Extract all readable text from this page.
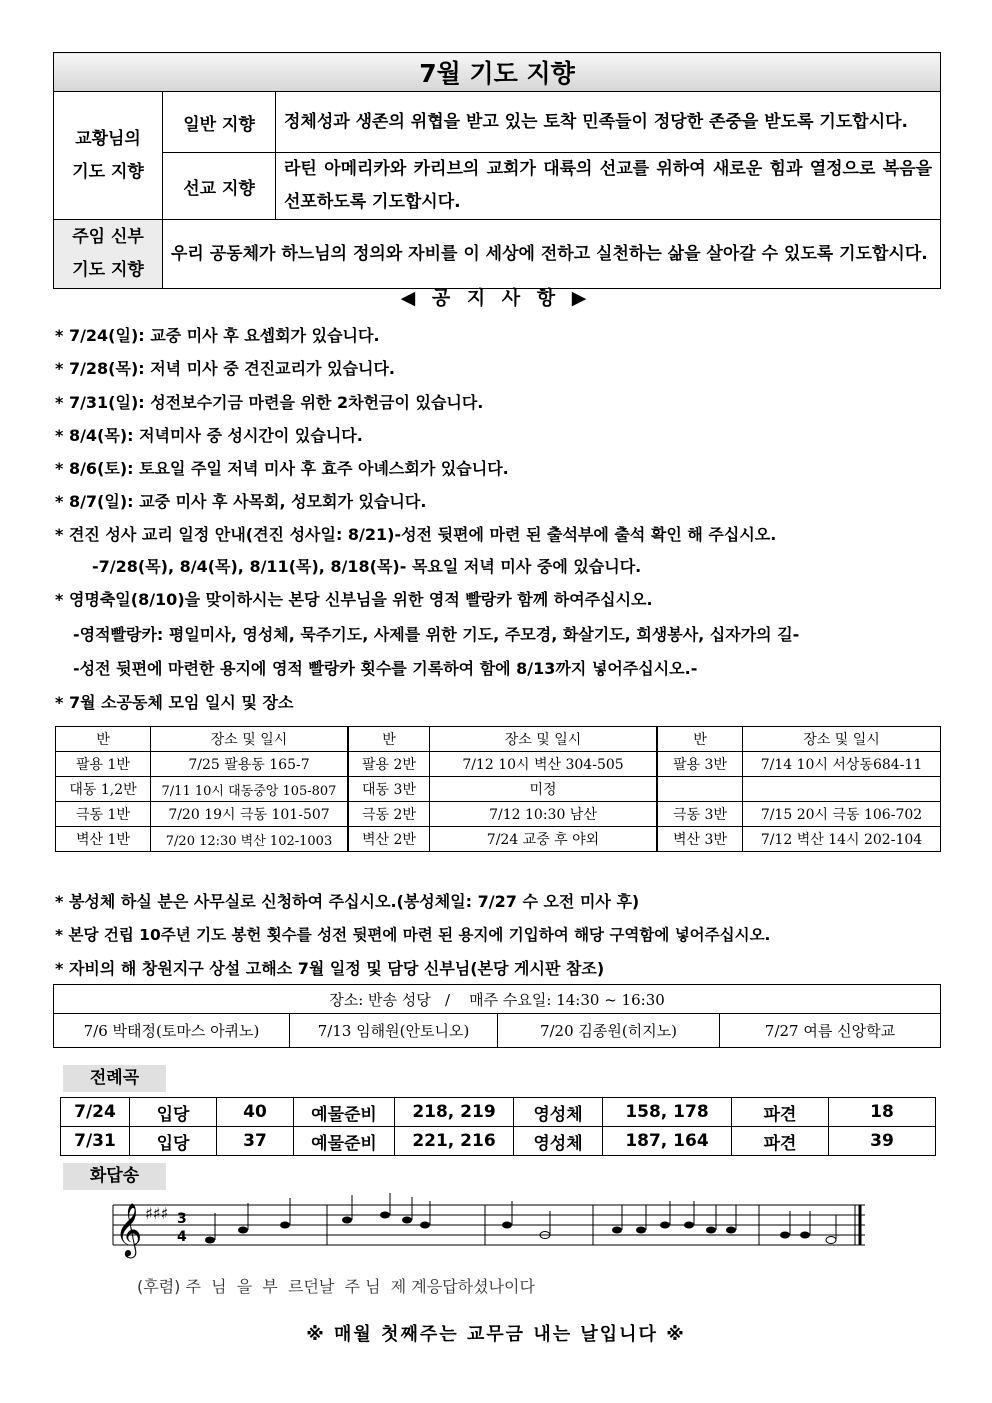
7월 기도 지향		
교황님의
기도 지향	일반 지향	정체성과 생존의 위협을 받고 있는 토착 민족들이 정당한 존중을 받도록 기도합시다.
	선교 지향	라틴 아메리카와 카리브의 교회가 대륙의 선교를 위하여 새로운 힘과 열정으로 복음을 선포하도록 기도합시다.
주임 신부
기도 지향	우리 공동체가 하느님의 정의와 자비를 이 세상에 전하고 실천하는 삶을 살아갈 수 있도록 기도합시다.	
◀ 공 지 사 항 ▶
* 7/24(일): 교중 미사 후 요셉회가 있습니다.
* 7/28(목): 저녁 미사 중 견진교리가 있습니다.
* 7/31(일): 성전보수기금 마련을 위한 2차헌금이 있습니다.
* 8/4(목): 저녁미사 중 성시간이 있습니다.
* 8/6(토): 토요일 주일 저녁 미사 후 효주 아녜스회가 있습니다.
* 8/7(일): 교중 미사 후 사목회, 성모회가 있습니다.
* 견진 성사 교리 일정 안내(견진 성사일: 8/21)-성전 뒷편에 마련 된 출석부에 출석 확인 해 주십시오.
-7/28(목), 8/4(목), 8/11(목), 8/18(목)- 목요일 저녁 미사 중에 있습니다.
* 영명축일(8/10)을 맞이하시는 본당 신부님을 위한 영적 빨랑카 함께 하여주십시오.
-영적빨랑카: 평일미사, 영성체, 묵주기도, 사제를 위한 기도, 주모경, 화살기도, 희생봉사, 십자가의 길-
-성전 뒷편에 마련한 용지에 영적 빨랑카 횟수를 기록하여 함에 8/13까지 넣어주십시오.-
* 7월 소공동체 모임 일시 및 장소
반	장소 및 일시	반	장소 및 일시	반	장소 및 일시
팔용 1반	7/25 팔용동 165-7	팔용 2반	7/12 10시 벽산 304-505	팔용 3반	7/14 10시 서상동684-11
대동 1,2반	7/11 10시 대동중앙 105-807	대동 3반	미정		
극동 1반	7/20 19시 극동 101-507	극동 2반	7/12 10:30 남산	극동 3반	7/15 20시 극동 106-702
벽산 1반	7/20 12:30 벽산 102-1003	벽산 2반	7/24 교중 후 야외	벽산 3반	7/12 벽산 14시 202-104
* 봉성체 하실 분은 사무실로 신청하여 주십시오.(봉성체일: 7/27 수 오전 미사 후)
* 본당 건립 10주년 기도 봉헌 횟수를 성전 뒷편에 마련 된 용지에 기입하여 해당 구역함에 넣어주십시오.
* 자비의 해 창원지구 상설 고해소 7월 일정 및 담당 신부님(본당 게시판 참조)
장소: 반송 성당   /    매주 수요일: 14:30 ~ 16:30
7/6 박태정(토마스 아퀴노)	7/13 임해원(안토니오)	7/20 김종원(히지노)	7/27 여름 신앙학교
전례곡
7/24	입당	40	예물준비	218, 219	영성체	158, 178	파견	18
7/31	입당	37	예물준비	221, 216	영성체	187, 164	파견	39
화답송
𝄞 ♯♯♯ 3
4
(후렴) 주  님  을  부  르던날  주 님  제 계응답하셨나이다
※ 매월 첫째주는 교무금 내는 날입니다 ※
